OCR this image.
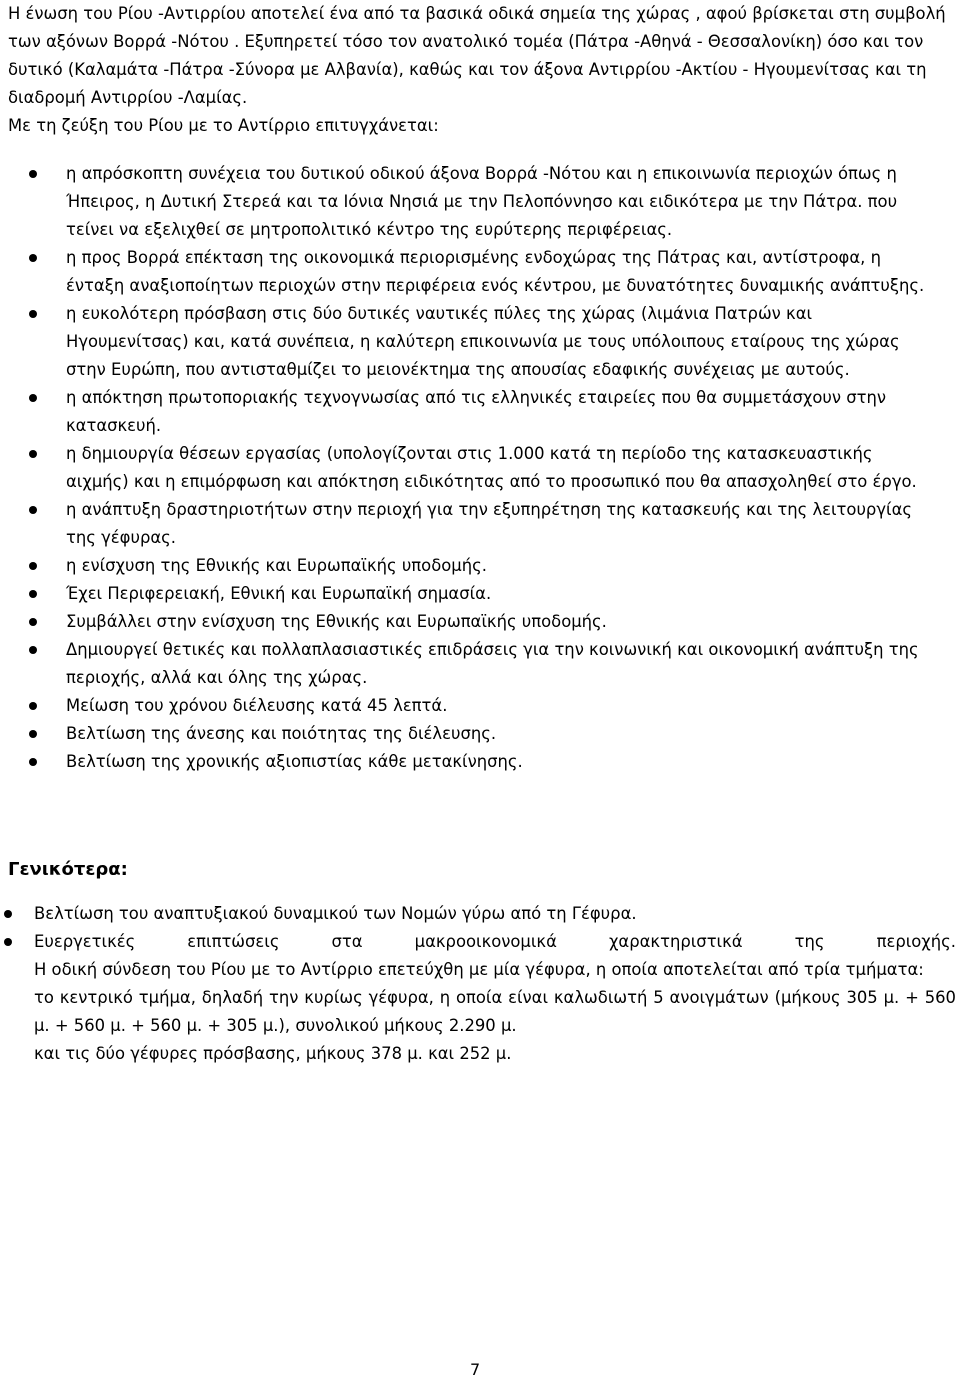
Η ένωση του Ρίου -Αντιρρίου αποτελεί ένα από τα βασικά οδικά σημεία της χώρας , αφού βρίσκεται στη συμβολή των αξόνων Βορρά -Νότου . Εξυπηρετεί τόσο τον ανατολικό τομέα (Πάτρα -Αθηνά - Θεσσαλονίκη) όσο και τον δυτικό (Καλαμάτα -Πάτρα -Σύνορα με Αλβανία), καθώς και τον άξονα Αντιρρίου -Ακτίου - Ηγουμενίτσας και τη διαδρομή Αντιρρίου -Λαμίας.

Με τη ζεύξη του Ρίου με το Αντίρριο επιτυγχάνεται:

η απρόσκοπτη συνέχεια του δυτικού οδικού άξονα Βορρά -Νότου και η επικοινωνία περιοχών όπως η Ήπειρος, η Δυτική Στερεά και τα Ιόνια Νησιά με την Πελοπόννησο και ειδικότερα με την Πάτρα. που τείνει να εξελιχθεί σε μητροπολιτικό κέντρο της ευρύτερης περιφέρειας.
η προς Βορρά επέκταση της οικονομικά περιορισμένης ενδοχώρας της Πάτρας και, αντίστροφα, η ένταξη αναξιοποίητων περιοχών στην περιφέρεια ενός κέντρου, με δυνατότητες δυναμικής ανάπτυξης.
η ευκολότερη πρόσβαση στις δύο δυτικές ναυτικές πύλες της χώρας (λιμάνια Πατρών και Ηγουμενίτσας) και, κατά συνέπεια, η καλύτερη επικοινωνία με τους υπόλοιπους εταίρους της χώρας στην Ευρώπη, που αντισταθμίζει το μειονέκτημα της απουσίας εδαφικής συνέχειας με αυτούς.
η απόκτηση πρωτοποριακής τεχνογνωσίας από τις ελληνικές εταιρείες που θα συμμετάσχουν στην κατασκευή.
η δημιουργία θέσεων εργασίας (υπολογίζονται στις 1.000 κατά τη περίοδο της κατασκευαστικής αιχμής) και η επιμόρφωση και απόκτηση ειδικότητας από το προσωπικό που θα απασχοληθεί στο έργο.
η ανάπτυξη δραστηριοτήτων στην περιοχή για την εξυπηρέτηση της κατασκευής και της λειτουργίας της γέφυρας.
η ενίσχυση της Εθνικής και Ευρωπαϊκής υποδομής.
Έχει Περιφερειακή, Εθνική και Ευρωπαϊκή σημασία.
Συμβάλλει στην ενίσχυση της Εθνικής και Ευρωπαϊκής υποδομής.
Δημιουργεί θετικές και πολλαπλασιαστικές επιδράσεις για την κοινωνική και οικονομική ανάπτυξη της περιοχής, αλλά και όλης της χώρας.
Μείωση του χρόνου διέλευσης κατά 45 λεπτά.
Βελτίωση της άνεσης και ποιότητας της διέλευσης.
Βελτίωση της χρονικής αξιοπιστίας κάθε μετακίνησης.

Γενικότερα:

Βελτίωση του αναπτυξιακού δυναμικού των Νομών γύρω από τη Γέφυρα.
Ευεργετικές επιπτώσεις στα μακροοικονομικά χαρακτηριστικά της περιοχής.
Η οδική σύνδεση του Ρίου με το Αντίρριο επετεύχθη με μία γέφυρα, η οποία αποτελείται από τρία τμήματα:
το κεντρικό τμήμα, δηλαδή την κυρίως γέφυρα, η οποία είναι καλωδιωτή 5 ανοιγμάτων (μήκους 305 μ. + 560 μ. + 560 μ. + 560 μ. + 305 μ.), συνολικού μήκους 2.290 μ.
και τις δύο γέφυρες πρόσβασης, μήκους 378 μ. και 252 μ.
7
